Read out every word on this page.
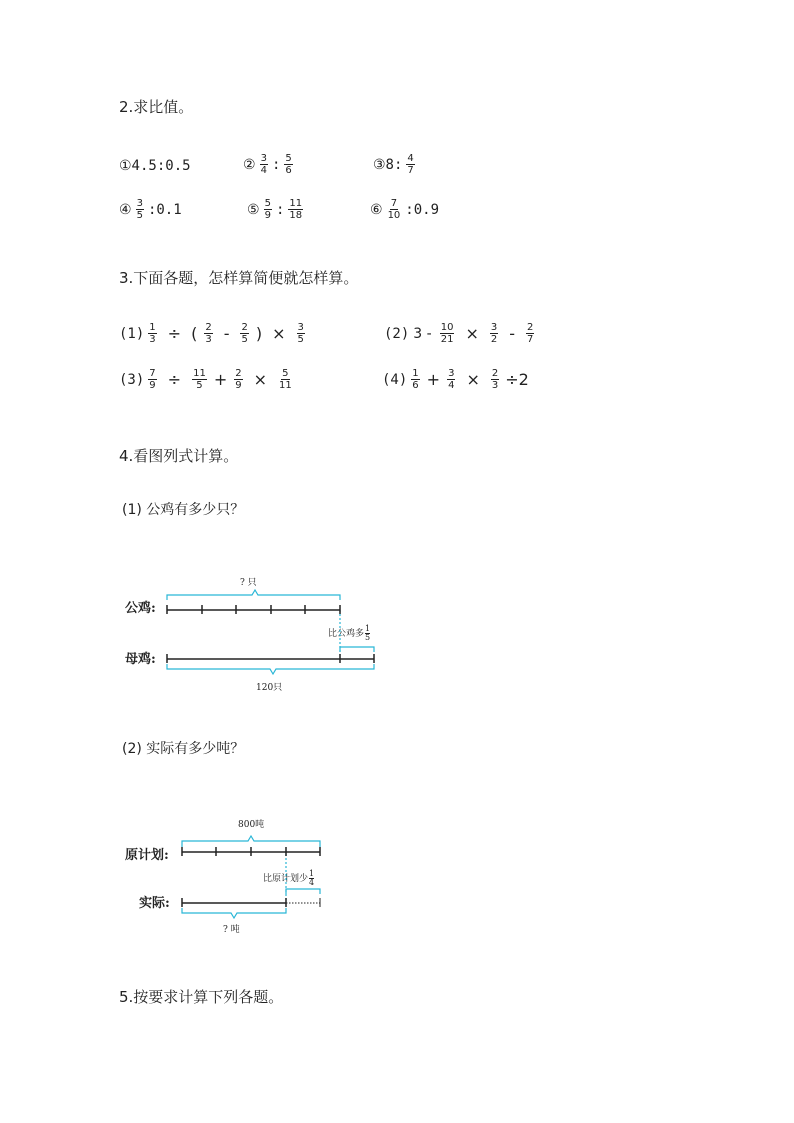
2.求比值。
①4.5:0.5	② $\frac{3}{4}$ : $\frac{5}{6}$	③8: $\frac{4}{7}$
④ $\frac{3}{5}$ :0.1	⑤ $\frac{5}{9}$ : $\frac{11}{18}$	⑥ $\frac{7}{10}$ :0.9
3.下面各题，怎样算简便就怎样算。
$(1) \frac{1}{3}$ ÷ ( $\frac{2}{3} - \frac{2}{5}$ ) × $\frac{3}{5}$	(2) $3 - \frac{10}{21} \times \frac{3}{2} - \frac{2}{7}$
$(3) \frac{7}{9} \div \frac{11}{5} + \frac{2}{9} \times \frac{5}{11}$	$(4) \frac{1}{6} + \frac{3}{4} \times \frac{2}{3} \div 2$
4.看图列式计算。
(1) 公鸡有多少只？
? 只
公鸡:
母鸡:
比公鸡多 $\frac{1}{5}$
120只
(2) 实际有多少吨？
800吨
原计划:
实际:
比原计划少 $\frac{1}{4}$
? 吨
5.按要求计算下列各题。
